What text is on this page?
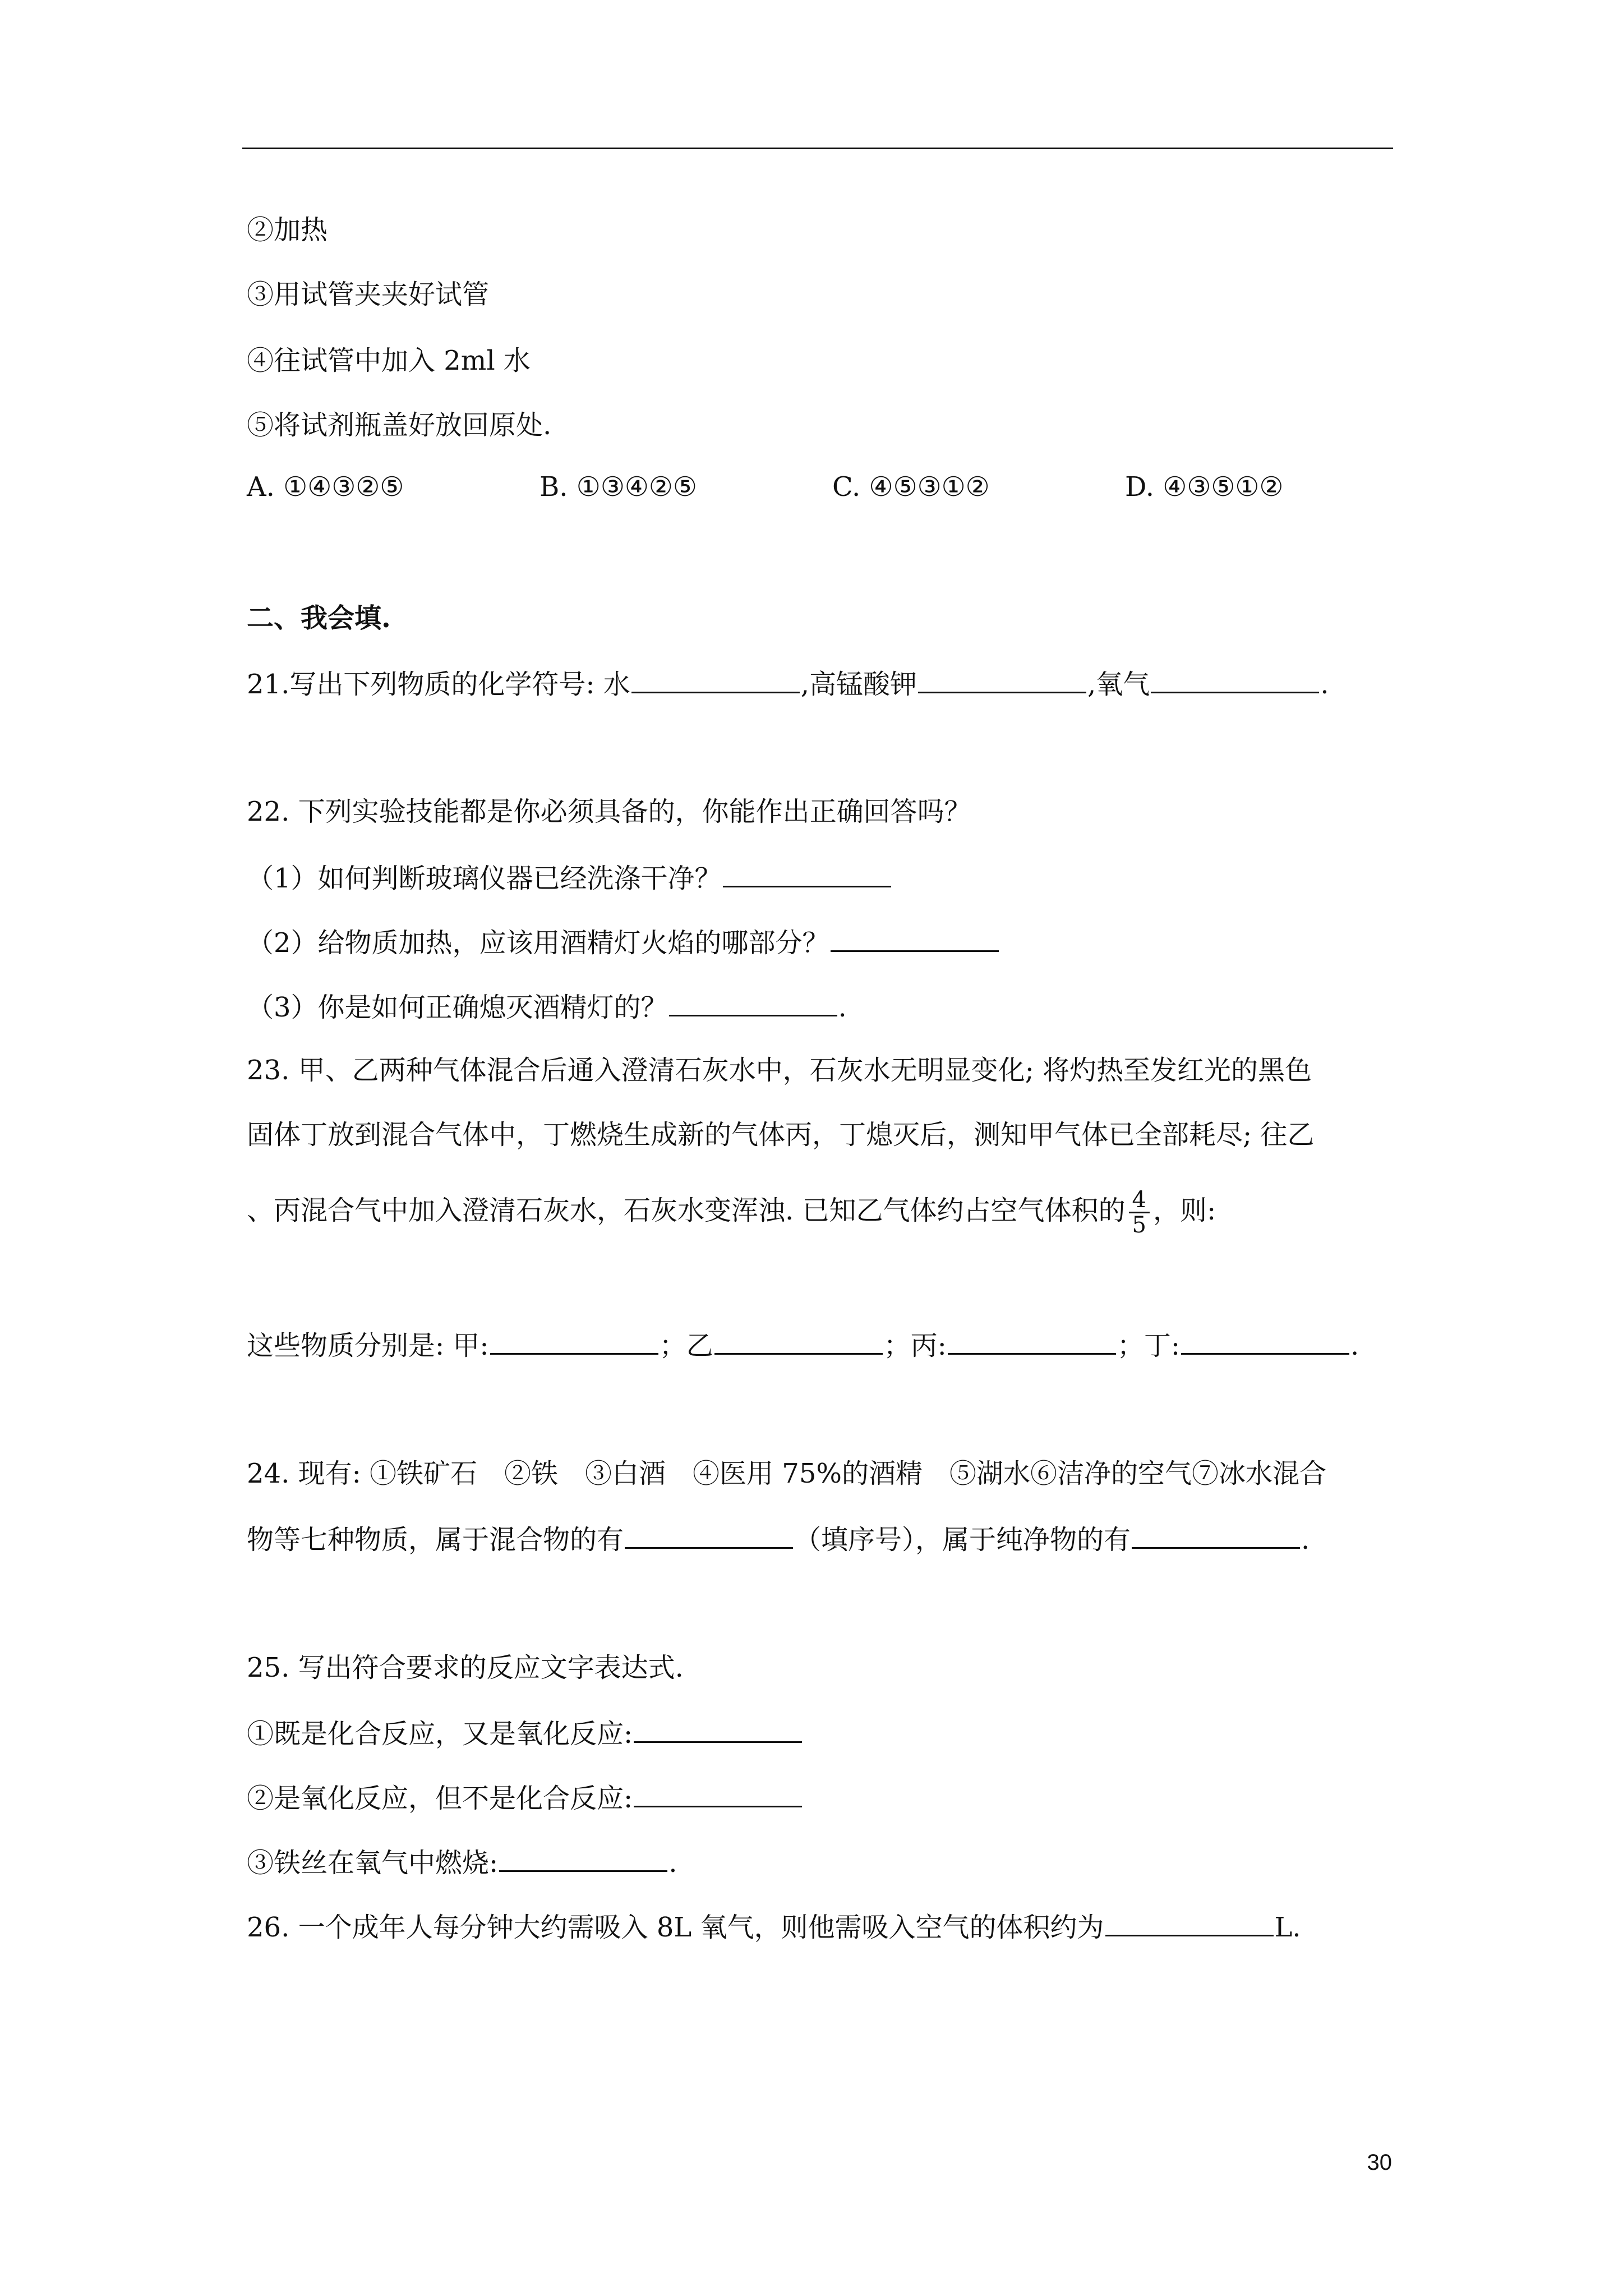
②加热
③用试管夹夹好试管
④往试管中加入 2ml 水
⑤将试剂瓶盖好放回原处.
A. ①④③②⑤	B. ①③④②⑤	C. ④⑤③①②	D. ④③⑤①②
二、我会填.
21.写出下列物质的化学符号: 水	,高锰酸钾	,氧气	.
22. 下列实验技能都是你必须具备的，你能作出正确回答吗？
（1）如何判断玻璃仪器已经洗涤干净？
（2）给物质加热，应该用酒精灯火焰的哪部分？
（3）你是如何正确熄灭酒精灯的？	.
23. 甲、乙两种气体混合后通入澄清石灰水中，石灰水无明显变化; 将灼热至发红光的黑色
固体丁放到混合气体中，丁燃烧生成新的气体丙，丁熄灭后，测知甲气体已全部耗尽; 往乙
、丙混合气中加入澄清石灰水，石灰水变浑浊. 已知乙气体约占空气体积的 $\frac{4}{5}$ ，则:
这些物质分别是: 甲:	；乙	；丙:	；丁:	.
24. 现有: ①铁矿石　②铁　③白酒　④医用 75%的酒精　⑤湖水⑥洁净的空气⑦冰水混合
物等七种物质，属于混合物的有	（填序号），属于纯净物的有	.
25. 写出符合要求的反应文字表达式.
①既是化合反应，又是氧化反应:
②是氧化反应，但不是化合反应:
③铁丝在氧气中燃烧:	.
26. 一个成年人每分钟大约需吸入 8L 氧气，则他需吸入空气的体积约为	L.
30
